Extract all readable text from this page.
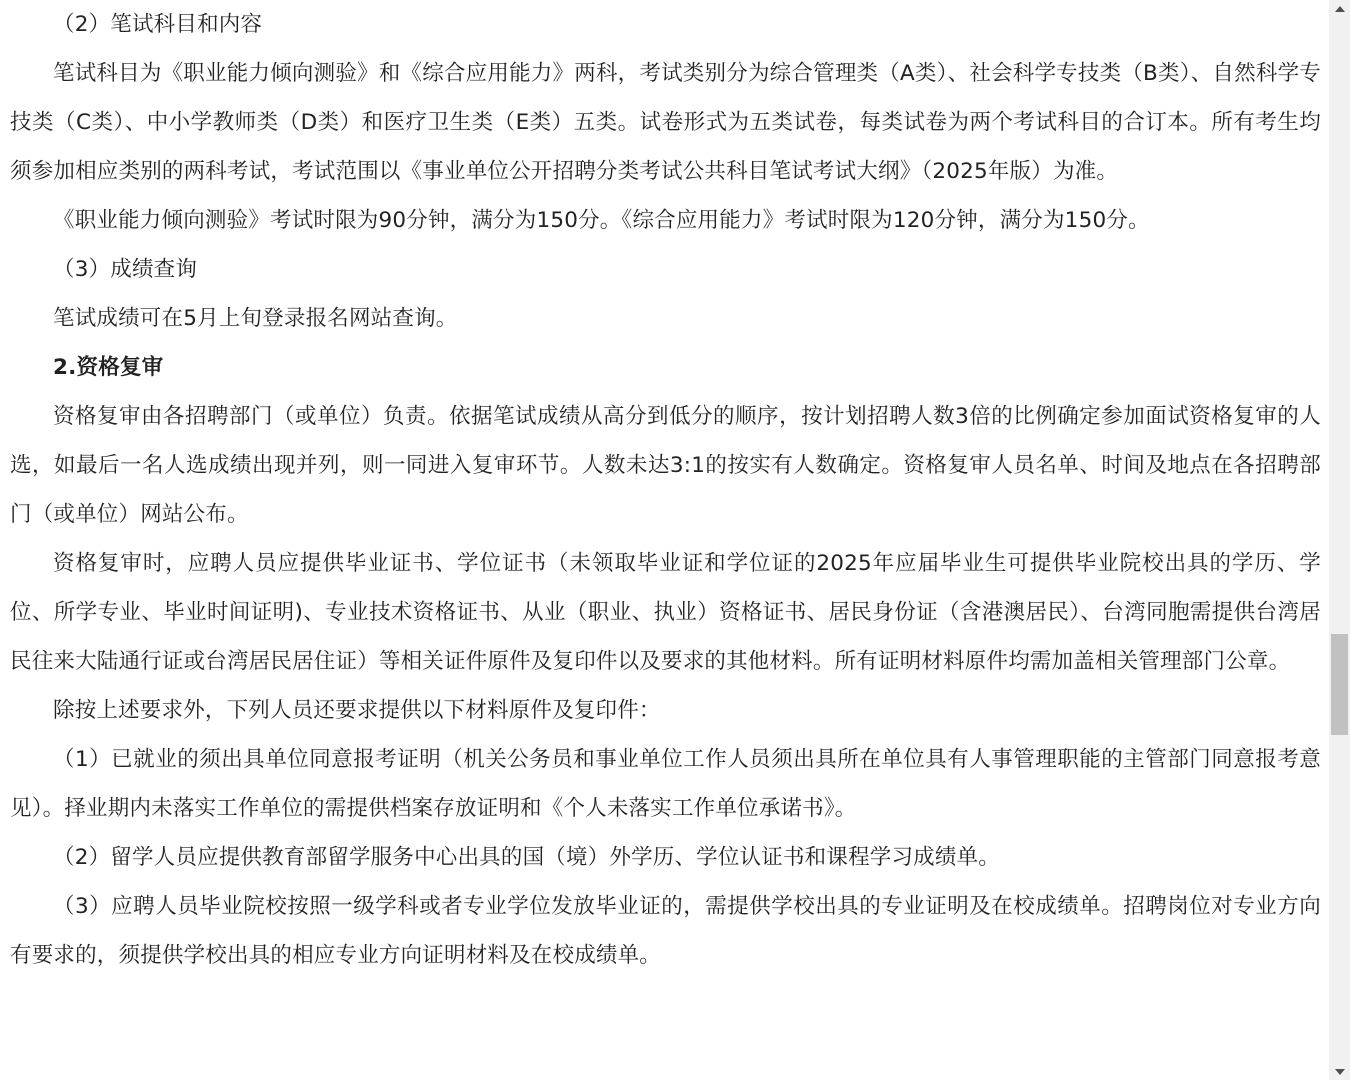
（2）笔试科目和内容

笔试科目为《职业能力倾向测验》和《综合应用能力》两科，考试类别分为综合管理类（A类）、社会科学专技类（B类）、自然科学专技类（C类）、中小学教师类（D类）和医疗卫生类（E类）五类。试卷形式为五类试卷，每类试卷为两个考试科目的合订本。所有考生均须参加相应类别的两科考试，考试范围以《事业单位公开招聘分类考试公共科目笔试考试大纲》（2025年版）为准。

《职业能力倾向测验》考试时限为90分钟，满分为150分。《综合应用能力》考试时限为120分钟，满分为150分。

（3）成绩查询

笔试成绩可在5月上旬登录报名网站查询。

2.资格复审

资格复审由各招聘部门（或单位）负责。依据笔试成绩从高分到低分的顺序，按计划招聘人数3倍的比例确定参加面试资格复审的人选，如最后一名人选成绩出现并列，则一同进入复审环节。人数未达3:1的按实有人数确定。资格复审人员名单、时间及地点在各招聘部门（或单位）网站公布。

资格复审时，应聘人员应提供毕业证书、学位证书（未领取毕业证和学位证的2025年应届毕业生可提供毕业院校出具的学历、学位、所学专业、毕业时间证明)、专业技术资格证书、从业（职业、执业）资格证书、居民身份证（含港澳居民）、台湾同胞需提供台湾居民往来大陆通行证或台湾居民居住证）等相关证件原件及复印件以及要求的其他材料。所有证明材料原件均需加盖相关管理部门公章。

除按上述要求外，下列人员还要求提供以下材料原件及复印件：

（1）已就业的须出具单位同意报考证明（机关公务员和事业单位工作人员须出具所在单位具有人事管理职能的主管部门同意报考意见）。择业期内未落实工作单位的需提供档案存放证明和《个人未落实工作单位承诺书》。

（2）留学人员应提供教育部留学服务中心出具的国（境）外学历、学位认证书和课程学习成绩单。

（3）应聘人员毕业院校按照一级学科或者专业学位发放毕业证的，需提供学校出具的专业证明及在校成绩单。招聘岗位对专业方向有要求的，须提供学校出具的相应专业方向证明材料及在校成绩单。
